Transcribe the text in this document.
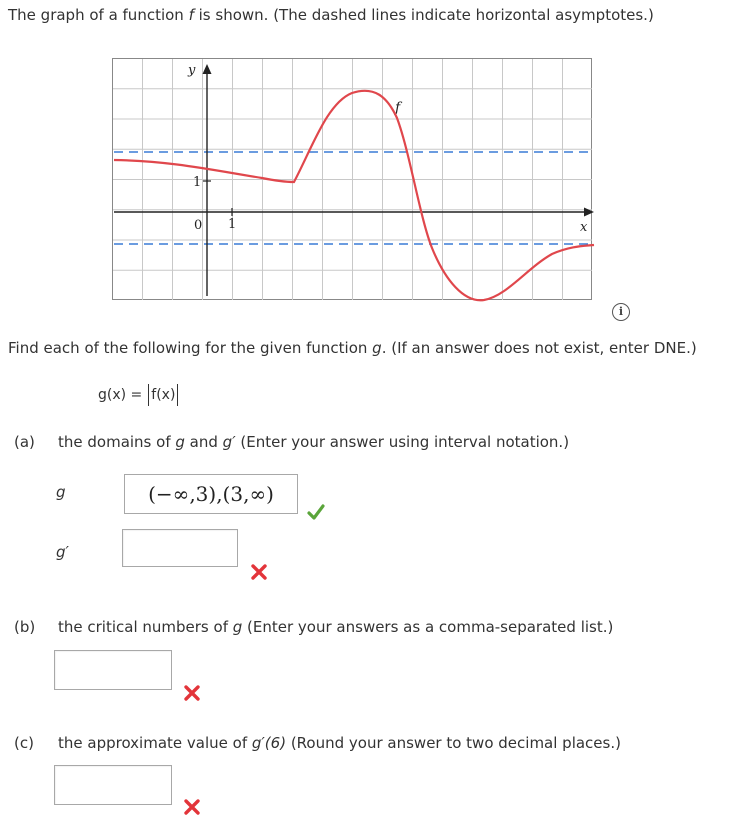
The graph of a function f is shown. (The dashed lines indicate horizontal asymptotes.)
y
x
1
1
0
f
i
Find each of the following for the given function g. (If an answer does not exist, enter DNE.)
g(x) = f(x)
(a) the domains of g and g′ (Enter your answer using interval notation.)
g	(−∞,3),(3,∞)
g′
(b) the critical numbers of g (Enter your answers as a comma-separated list.)
(c) the approximate value of g′(6) (Round your answer to two decimal places.)
